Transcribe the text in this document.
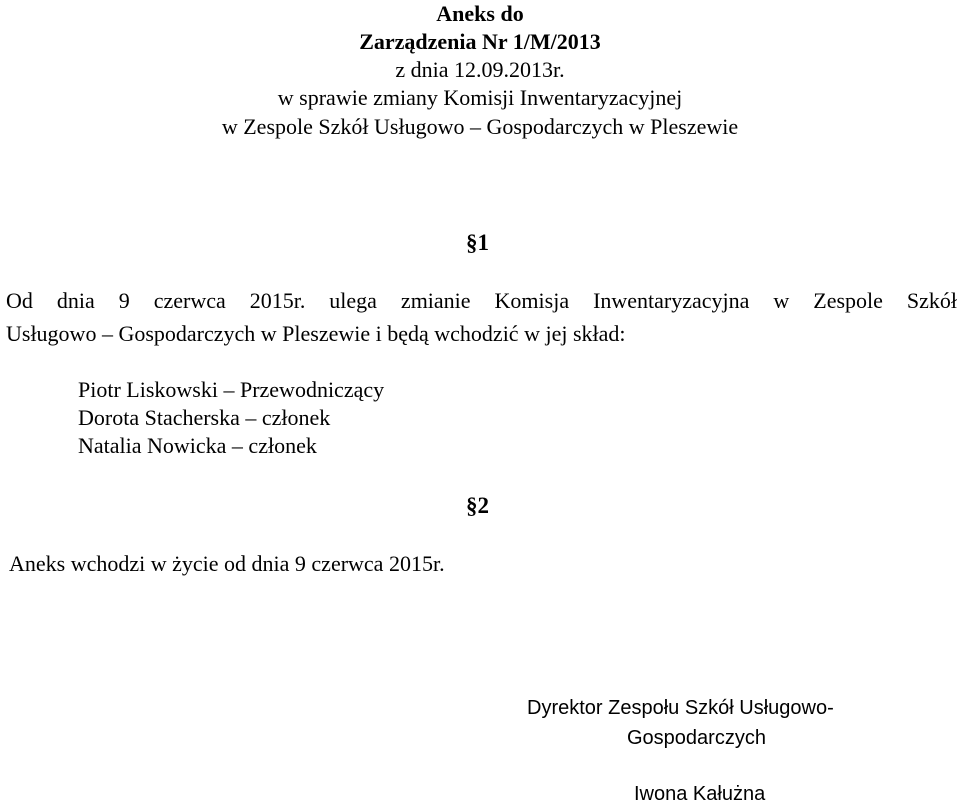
Aneks do
Zarządzenia Nr 1/M/2013
z dnia 12.09.2013r.
w sprawie zmiany Komisji Inwentaryzacyjnej
w Zespole Szkół Usługowo – Gospodarczych w Pleszewie
§1
Od dnia 9 czerwca 2015r. ulega zmianie Komisja Inwentaryzacyjna w Zespole Szkół
Usługowo – Gospodarczych w Pleszewie i będą wchodzić w jej skład:
Piotr Liskowski – Przewodniczący
Dorota Stacherska – członek
Natalia Nowicka – członek
§2
Aneks wchodzi w życie od dnia 9 czerwca 2015r.
Dyrektor Zespołu Szkół Usługowo-
Gospodarczych
Iwona Kałużna
